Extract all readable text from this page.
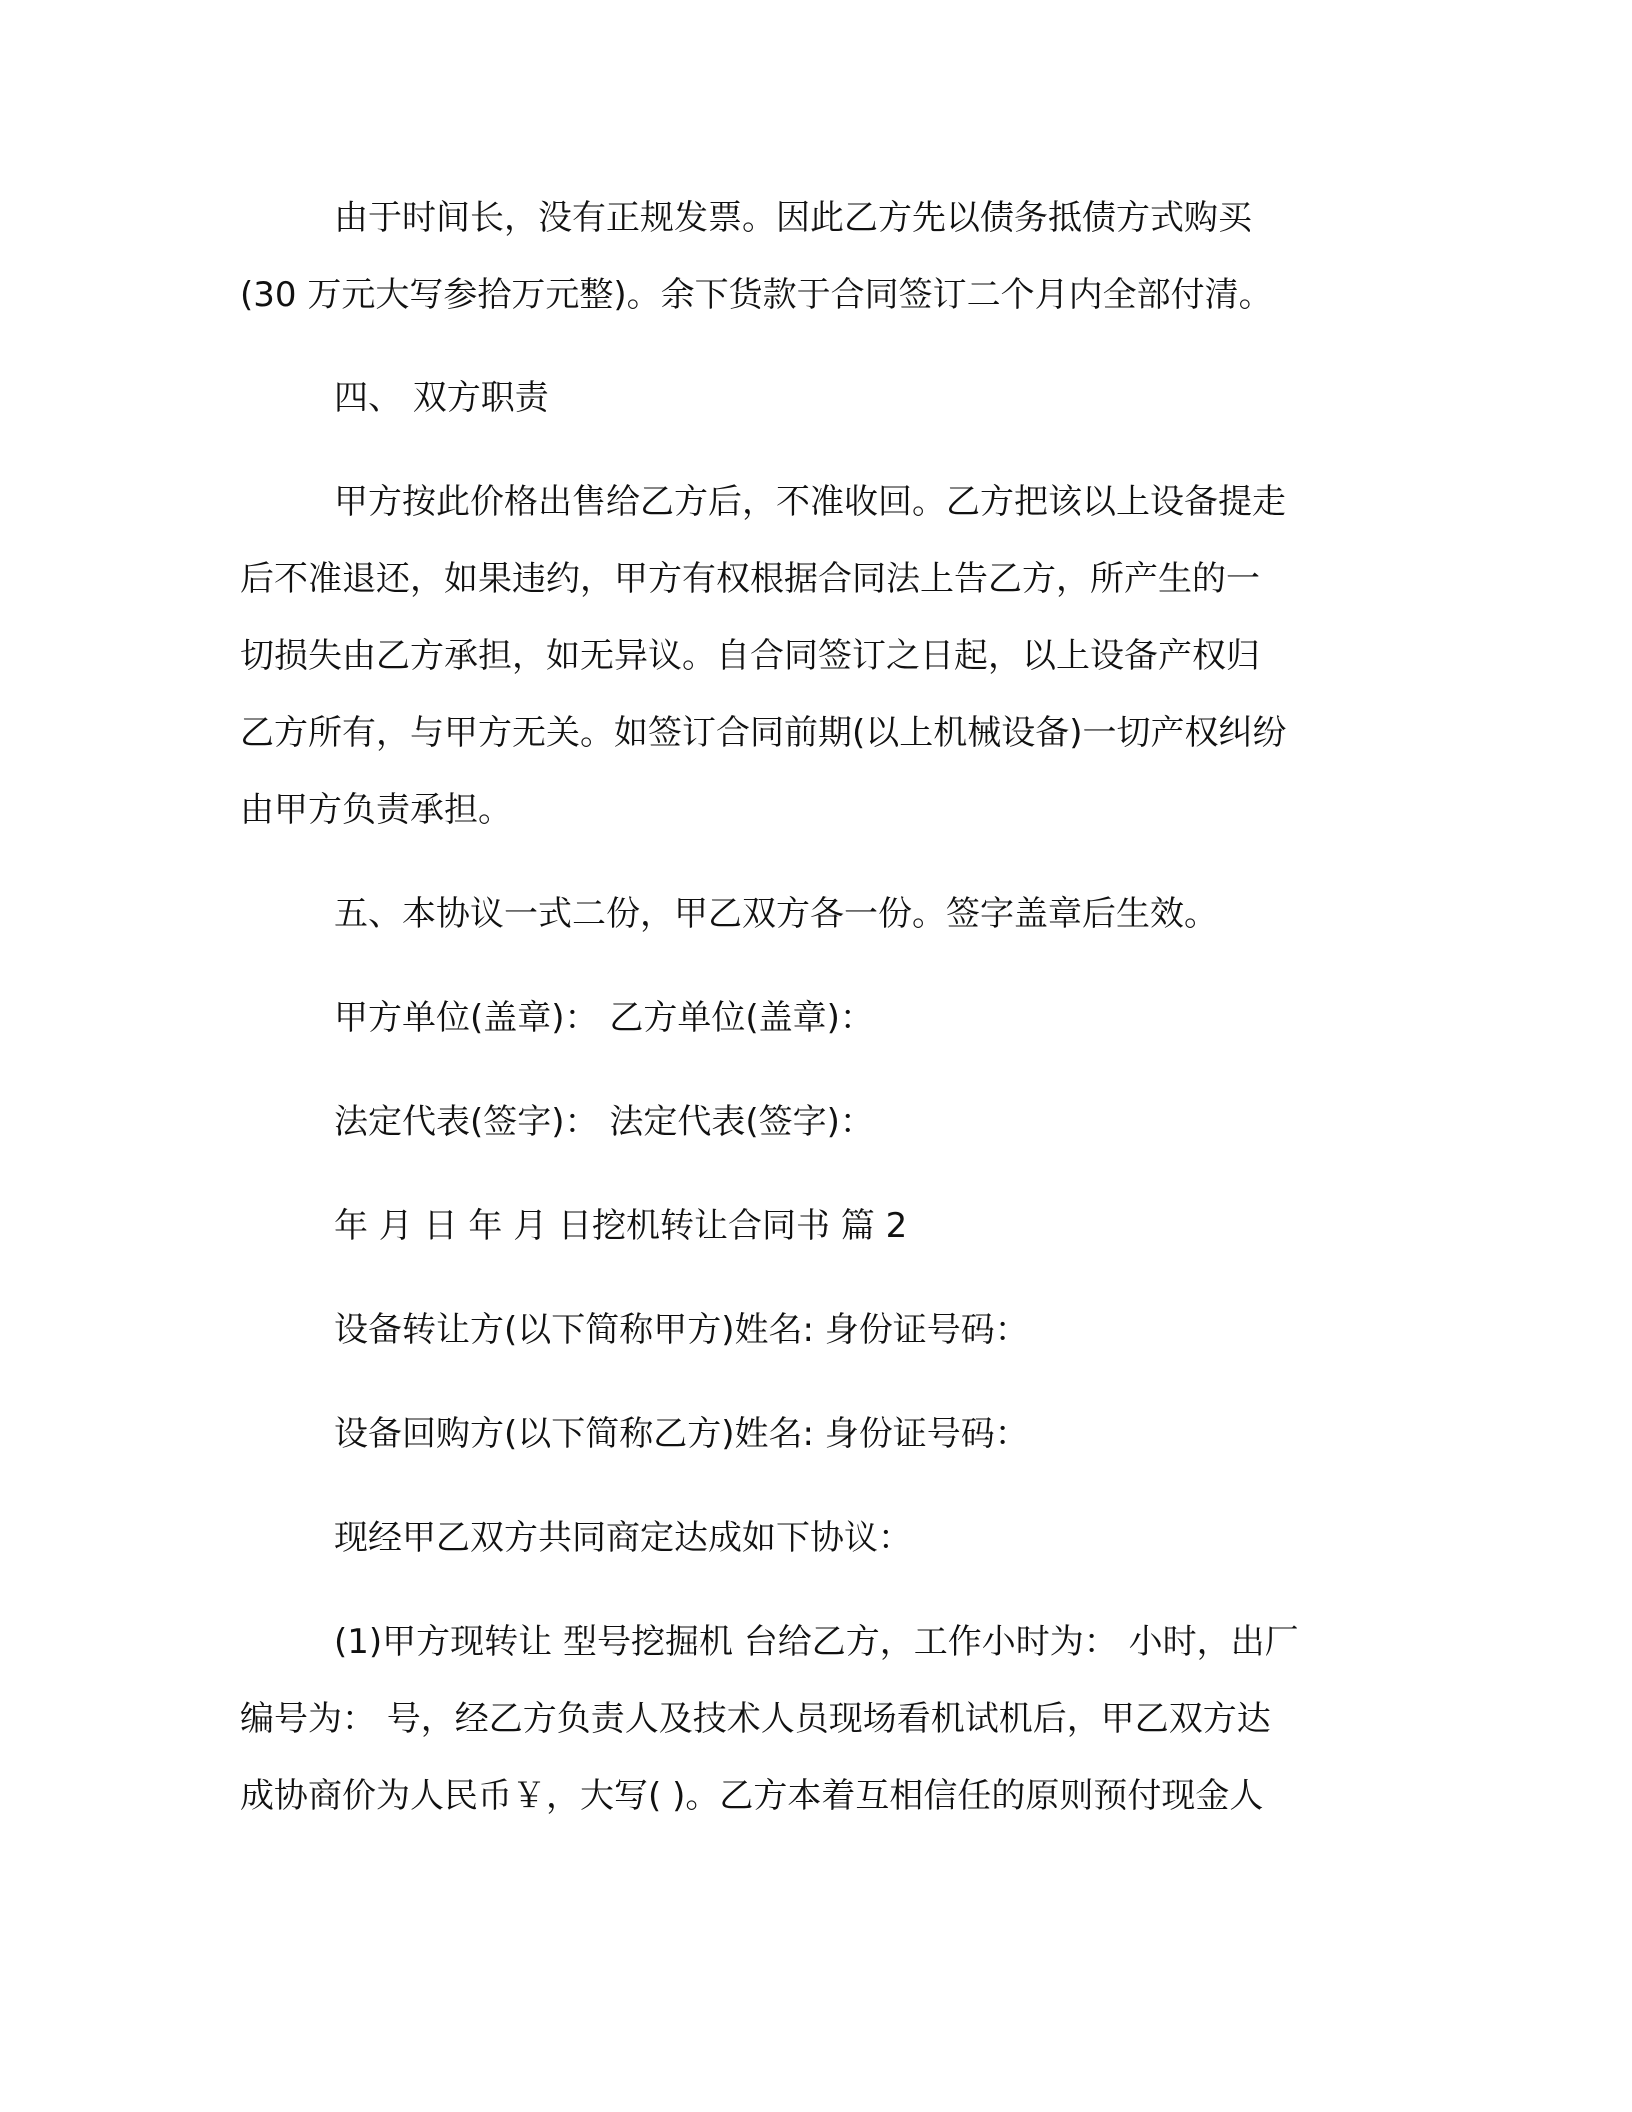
由于时间长，没有正规发票。因此乙方先以债务抵债方式购买
(30 万元大写参拾万元整)。余下货款于合同签订二个月内全部付清。
四、 双方职责
甲方按此价格出售给乙方后，不准收回。乙方把该以上设备提走
后不准退还，如果违约，甲方有权根据合同法上告乙方，所产生的一
切损失由乙方承担，如无异议。自合同签订之日起，以上设备产权归
乙方所有，与甲方无关。如签订合同前期(以上机械设备)一切产权纠纷
由甲方负责承担。
五、本协议一式二份，甲乙双方各一份。签字盖章后生效。
甲方单位(盖章)： 乙方单位(盖章)：
法定代表(签字)： 法定代表(签字)：
年 月 日 年 月 日挖机转让合同书 篇 2
设备转让方(以下简称甲方)姓名: 身份证号码：
设备回购方(以下简称乙方)姓名: 身份证号码：
现经甲乙双方共同商定达成如下协议：
(1)甲方现转让 型号挖掘机 台给乙方，工作小时为： 小时，出厂
编号为： 号，经乙方负责人及技术人员现场看机试机后，甲乙双方达
成协商价为人民币￥，大写( )。乙方本着互相信任的原则预付现金人
